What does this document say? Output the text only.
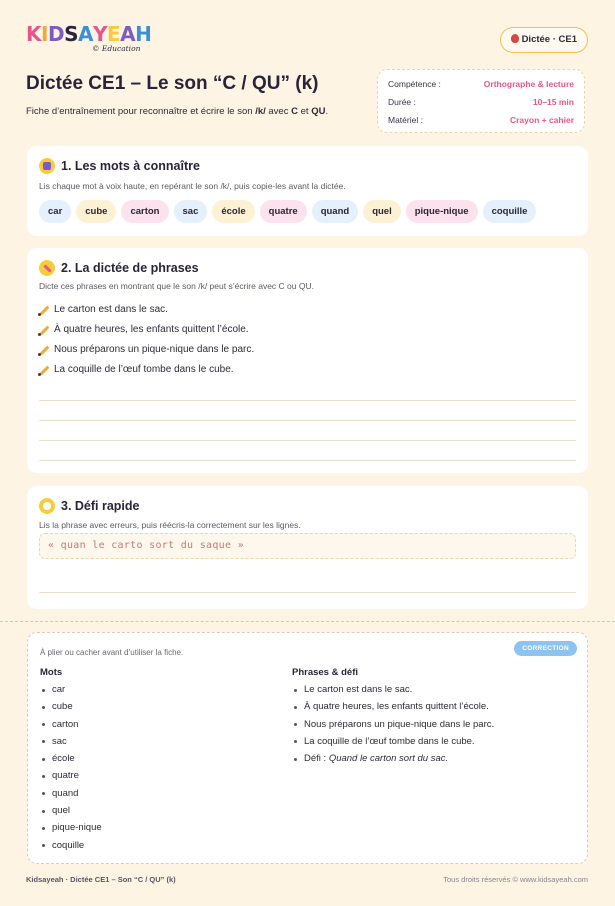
KIDSAYEAH
© Education
Dictée · CE1
Dictée CE1 – Le son “C / QU” (k)
Fiche d’entraînement pour reconnaître et écrire le son /k/ avec C et QU.
Compétence :	Orthographe & lecture
Durée :	10–15 min
Matériel :	Crayon + cahier
1. Les mots à connaître
Lis chaque mot à voix haute, en repérant le son /k/, puis copie-les avant la dictée.
car	cube	carton	sac	école	quatre	quand	quel	pique-nique	coquille
2. La dictée de phrases
Dicte ces phrases en montrant que le son /k/ peut s’écrire avec C ou QU.
Le carton est dans le sac.
À quatre heures, les enfants quittent l’école.
Nous préparons un pique-nique dans le parc.
La coquille de l’œuf tombe dans le cube.
3. Défi rapide
Lis la phrase avec erreurs, puis réécris-la correctement sur les lignes.
« quan le carto sort du saque »
À plier ou cacher avant d’utiliser la fiche.	CORRECTION
Mots
car
cube
carton
sac
école
quatre
quand
quel
pique-nique
coquille
Phrases & défi
Le carton est dans le sac.
À quatre heures, les enfants quittent l’école.
Nous préparons un pique-nique dans le parc.
La coquille de l’œuf tombe dans le cube.
Défi : Quand le carton sort du sac.
Kidsayeah · Dictée CE1 – Son “C / QU” (k)	Tous droits réservés © www.kidsayeah.com
